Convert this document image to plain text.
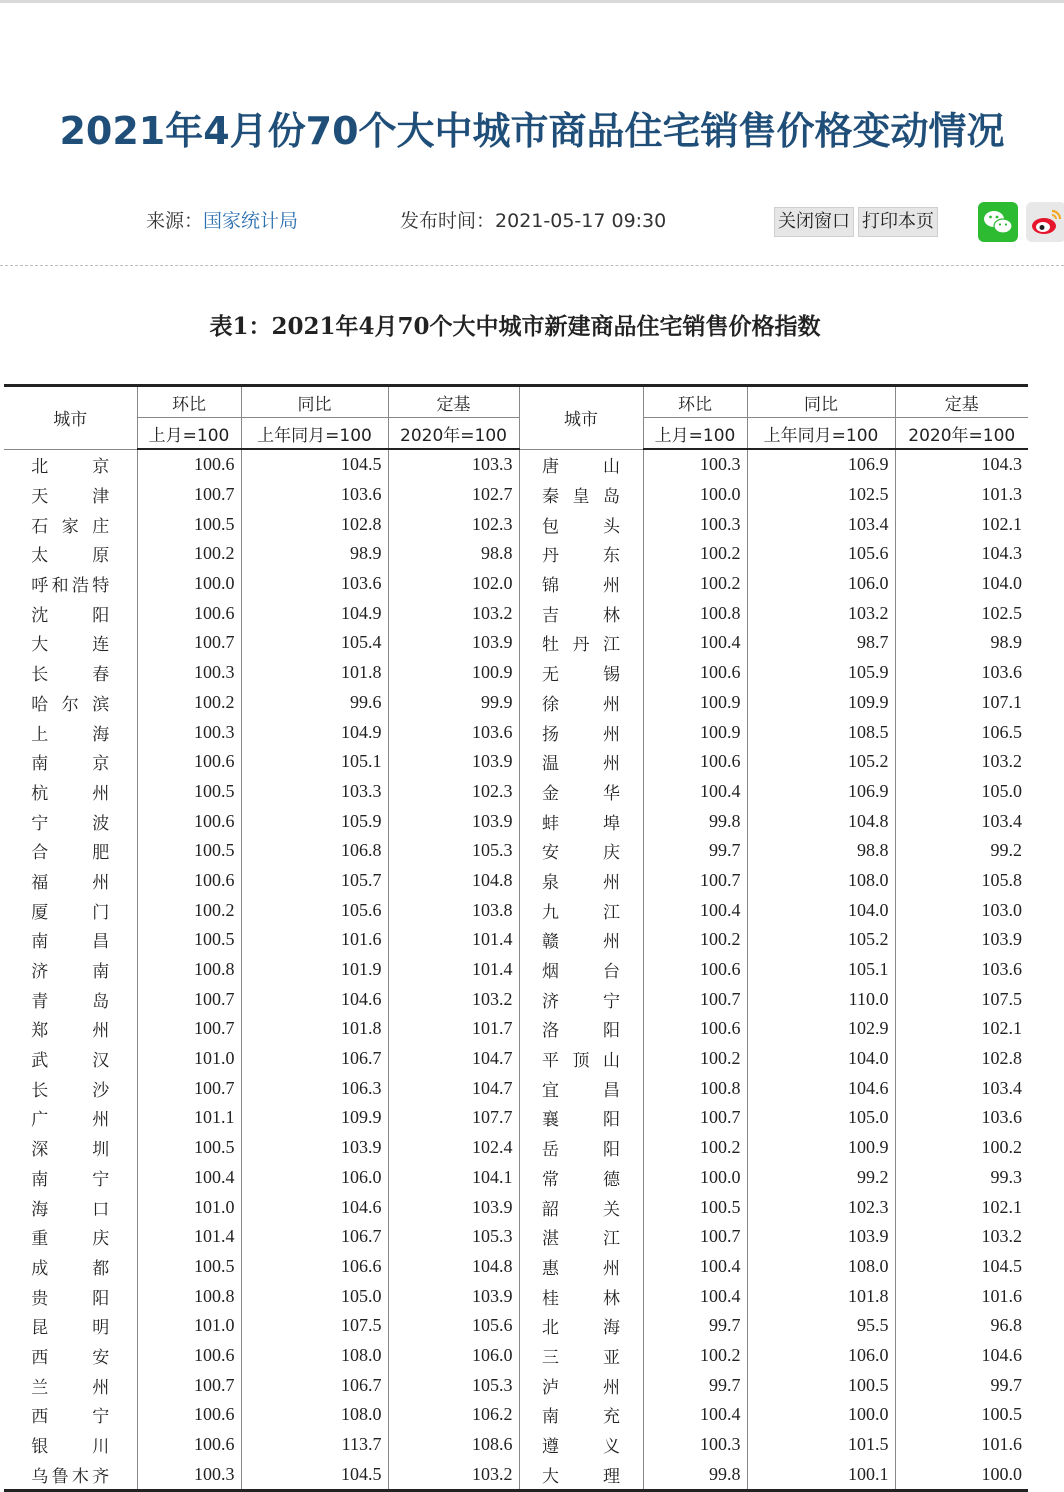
2021年4月份70个大中城市商品住宅销售价格变动情况
来源：国家统计局	发布时间：2021-05-17 09:30	关闭窗口 打印本页
表1：2021年4月70个大中城市新建商品住宅销售价格指数
城市	环比	同比	定基	城市	环比	同比	定基
	上月=100	上年同月=100	2020年=100		上月=100	上年同月=100	2020年=100
北京	100.6	104.5	103.3	唐山	100.3	106.9	104.3
天津	100.7	103.6	102.7	秦皇岛	100.0	102.5	101.3
石家庄	100.5	102.8	102.3	包头	100.3	103.4	102.1
太原	100.2	98.9	98.8	丹东	100.2	105.6	104.3
呼和浩特	100.0	103.6	102.0	锦州	100.2	106.0	104.0
沈阳	100.6	104.9	103.2	吉林	100.8	103.2	102.5
大连	100.7	105.4	103.9	牡丹江	100.4	98.7	98.9
长春	100.3	101.8	100.9	无锡	100.6	105.9	103.6
哈尔滨	100.2	99.6	99.9	徐州	100.9	109.9	107.1
上海	100.3	104.9	103.6	扬州	100.9	108.5	106.5
南京	100.6	105.1	103.9	温州	100.6	105.2	103.2
杭州	100.5	103.3	102.3	金华	100.4	106.9	105.0
宁波	100.6	105.9	103.9	蚌埠	99.8	104.8	103.4
合肥	100.5	106.8	105.3	安庆	99.7	98.8	99.2
福州	100.6	105.7	104.8	泉州	100.7	108.0	105.8
厦门	100.2	105.6	103.8	九江	100.4	104.0	103.0
南昌	100.5	101.6	101.4	赣州	100.2	105.2	103.9
济南	100.8	101.9	101.4	烟台	100.6	105.1	103.6
青岛	100.7	104.6	103.2	济宁	100.7	110.0	107.5
郑州	100.7	101.8	101.7	洛阳	100.6	102.9	102.1
武汉	101.0	106.7	104.7	平顶山	100.2	104.0	102.8
长沙	100.7	106.3	104.7	宜昌	100.8	104.6	103.4
广州	101.1	109.9	107.7	襄阳	100.7	105.0	103.6
深圳	100.5	103.9	102.4	岳阳	100.2	100.9	100.2
南宁	100.4	106.0	104.1	常德	100.0	99.2	99.3
海口	101.0	104.6	103.9	韶关	100.5	102.3	102.1
重庆	101.4	106.7	105.3	湛江	100.7	103.9	103.2
成都	100.5	106.6	104.8	惠州	100.4	108.0	104.5
贵阳	100.8	105.0	103.9	桂林	100.4	101.8	101.6
昆明	101.0	107.5	105.6	北海	99.7	95.5	96.8
西安	100.6	108.0	106.0	三亚	100.2	106.0	104.6
兰州	100.7	106.7	105.3	泸州	99.7	100.5	99.7
西宁	100.6	108.0	106.2	南充	100.4	100.0	100.5
银川	100.6	113.7	108.6	遵义	100.3	101.5	101.6
乌鲁木齐	100.3	104.5	103.2	大理	99.8	100.1	100.0
